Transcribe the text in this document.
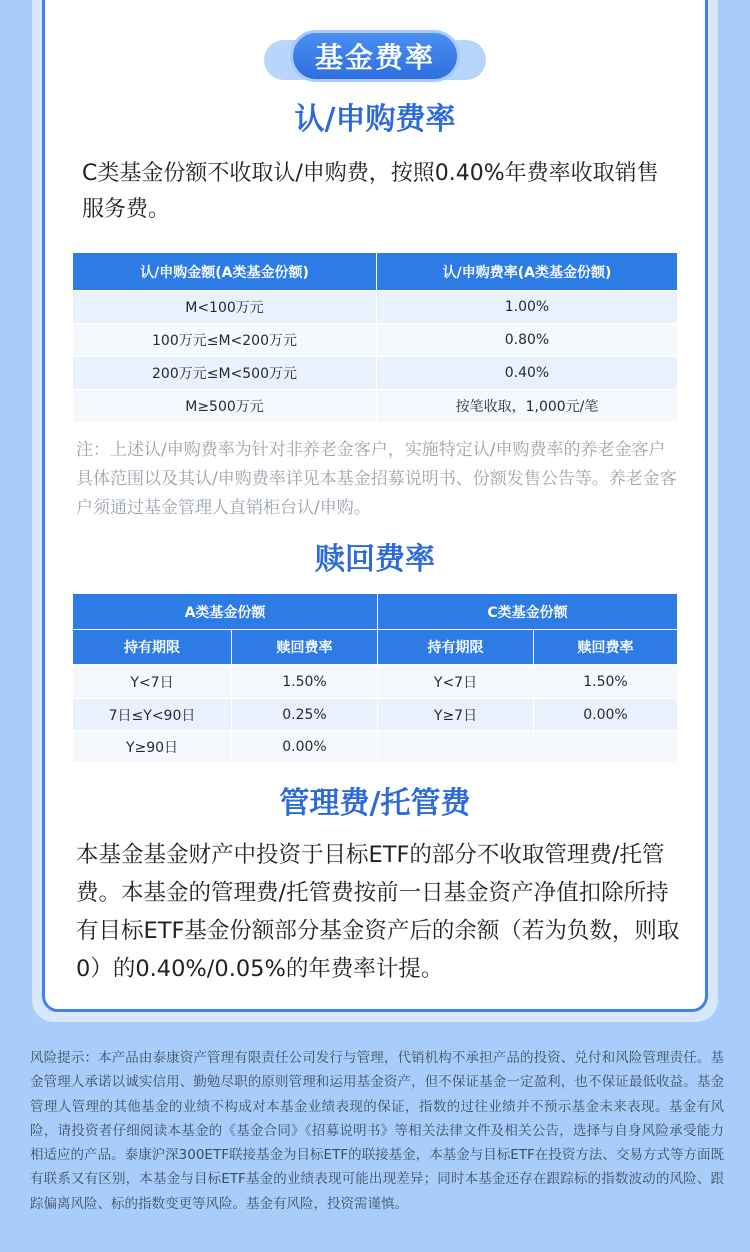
基金费率
认/申购费率
C类基金份额不收取认/申购费，按照0.40%年费率收取销售服务费。
认/申购金额(A类基金份额)	认/申购费率(A类基金份额)
M<100万元	1.00%
100万元≤M<200万元	0.80%
200万元≤M<500万元	0.40%
M≥500万元	按笔收取，1,000元/笔
注：上述认/申购费率为针对非养老金客户，实施特定认/申购费率的养老金客户具体范围以及其认/申购费率详见本基金招募说明书、份额发售公告等。养老金客户须通过基金管理人直销柜台认/申购。
赎回费率
A类基金份额		C类基金份额	
持有期限	赎回费率	持有期限	赎回费率
Y<7日	1.50%	Y<7日	1.50%
7日≤Y<90日	0.25%	Y≥7日	0.00%
Y≥90日	0.00%		
管理费/托管费
本基金基金财产中投资于目标ETF的部分不收取管理费/托管费。本基金的管理费/托管费按前一日基金资产净值扣除所持有目标ETF基金份额部分基金资产后的余额（若为负数，则取0）的0.40%/0.05%的年费率计提。
风险提示：本产品由泰康资产管理有限责任公司发行与管理，代销机构不承担产品的投资、兑付和风险管理责任。基金管理人承诺以诚实信用、勤勉尽职的原则管理和运用基金资产，但不保证基金一定盈利，也不保证最低收益。基金管理人管理的其他基金的业绩不构成对本基金业绩表现的保证，指数的过往业绩并不预示基金未来表现。基金有风险，请投资者仔细阅读本基金的《基金合同》《招募说明书》等相关法律文件及相关公告，选择与自身风险承受能力相适应的产品。泰康沪深300ETF联接基金为目标ETF的联接基金，本基金与目标ETF在投资方法、交易方式等方面既有联系又有区别，本基金与目标ETF基金的业绩表现可能出现差异；同时本基金还存在跟踪标的指数波动的风险、跟踪偏离风险、标的指数变更等风险。基金有风险，投资需谨慎。
